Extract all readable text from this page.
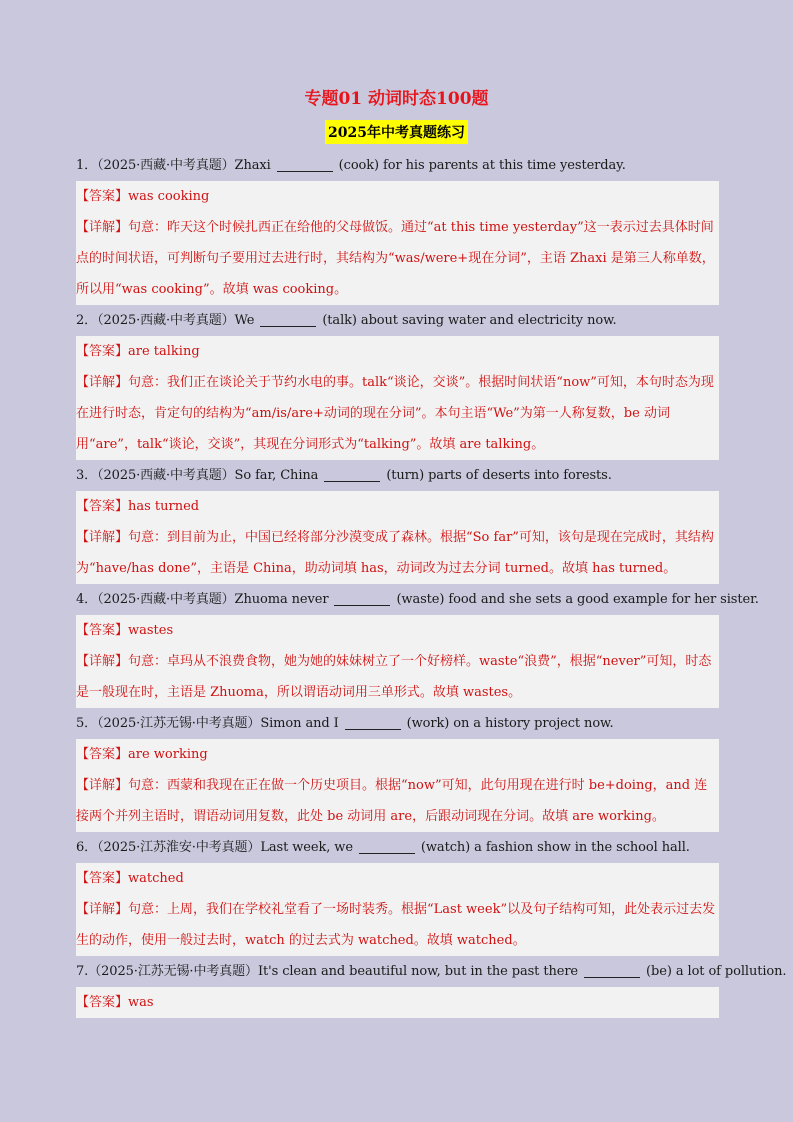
专题01 动词时态100题
2025年中考真题练习
1．（2025·西藏·中考真题）Zhaxi	(cook) for his parents at this time yesterday.
【答案】was cooking
【详解】句意：昨天这个时候扎西正在给他的父母做饭。通过“at this time yesterday”这一表示过去具体时间点的时间状语，可判断句子要用过去进行时，其结构为“was/were+现在分词”，主语 Zhaxi 是第三人称单数，所以用“was cooking”。故填 was cooking。
2．（2025·西藏·中考真题）We	(talk) about saving water and electricity now.
【答案】are talking
【详解】句意：我们正在谈论关于节约水电的事。talk“谈论，交谈”。根据时间状语“now”可知，本句时态为现在进行时态，肯定句的结构为“am/is/are+动词的现在分词”。本句主语“We”为第一人称复数，be 动词用“are”，talk“谈论，交谈”，其现在分词形式为“talking”。故填 are talking。
3．（2025·西藏·中考真题）So far, China	(turn) parts of deserts into forests.
【答案】has turned
【详解】句意：到目前为止，中国已经将部分沙漠变成了森林。根据“So far”可知，该句是现在完成时，其结构为“have/has done”，主语是 China，助动词填 has，动词改为过去分词 turned。故填 has turned。
4．（2025·西藏·中考真题）Zhuoma never	(waste) food and she sets a good example for her sister.
【答案】wastes
【详解】句意：卓玛从不浪费食物，她为她的妹妹树立了一个好榜样。waste“浪费”，根据“never”可知，时态是一般现在时，主语是 Zhuoma，所以谓语动词用三单形式。故填 wastes。
5．（2025·江苏无锡·中考真题）Simon and I	(work) on a history project now.
【答案】are working
【详解】句意：西蒙和我现在正在做一个历史项目。根据“now”可知，此句用现在进行时 be+doing，and 连接两个并列主语时，谓语动词用复数，此处 be 动词用 are，后跟动词现在分词。故填 are working。
6．（2025·江苏淮安·中考真题）Last week, we	(watch) a fashion show in the school hall.
【答案】watched
【详解】句意：上周，我们在学校礼堂看了一场时装秀。根据“Last week”以及句子结构可知，此处表示过去发生的动作，使用一般过去时，watch 的过去式为 watched。故填 watched。
7.（2025·江苏无锡·中考真题）It's clean and beautiful now, but in the past there	(be) a lot of pollution.
【答案】was
